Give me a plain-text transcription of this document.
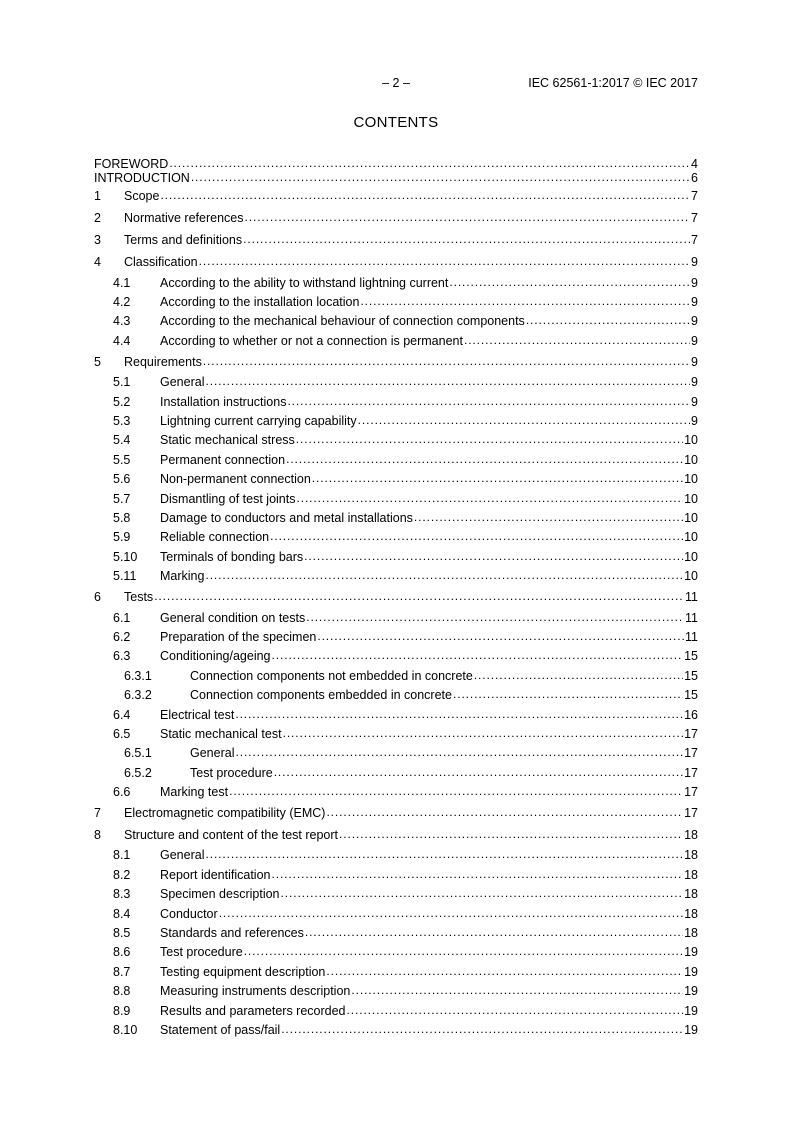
– 2 –	IEC 62561-1:2017 © IEC 2017
CONTENTS
FOREWORD .....	4
INTRODUCTION .....	6
1	Scope .....	7
2	Normative references .....	7
3	Terms and definitions .....	7
4	Classification .....	9
4.1	According to the ability to withstand lightning current .....	9
4.2	According to the installation location .....	9
4.3	According to the mechanical behaviour of connection components .....	9
4.4	According to whether or not a connection is permanent .....	9
5	Requirements .....	9
5.1	General .....	9
5.2	Installation instructions .....	9
5.3	Lightning current carrying capability .....	9
5.4	Static mechanical stress .....	10
5.5	Permanent connection .....	10
5.6	Non-permanent connection .....	10
5.7	Dismantling of test joints .....	10
5.8	Damage to conductors and metal installations .....	10
5.9	Reliable connection .....	10
5.10	Terminals of bonding bars .....	10
5.11	Marking .....	10
6	Tests .....	11
6.1	General condition on tests .....	11
6.2	Preparation of the specimen .....	11
6.3	Conditioning/ageing .....	15
6.3.1	Connection components not embedded in concrete .....	15
6.3.2	Connection components embedded in concrete .....	15
6.4	Electrical test .....	16
6.5	Static mechanical test .....	17
6.5.1	General .....	17
6.5.2	Test procedure .....	17
6.6	Marking test .....	17
7	Electromagnetic compatibility (EMC) .....	17
8	Structure and content of the test report .....	18
8.1	General .....	18
8.2	Report identification .....	18
8.3	Specimen description .....	18
8.4	Conductor .....	18
8.5	Standards and references .....	18
8.6	Test procedure .....	19
8.7	Testing equipment description .....	19
8.8	Measuring instruments description .....	19
8.9	Results and parameters recorded .....	19
8.10	Statement of pass/fail .....	19
